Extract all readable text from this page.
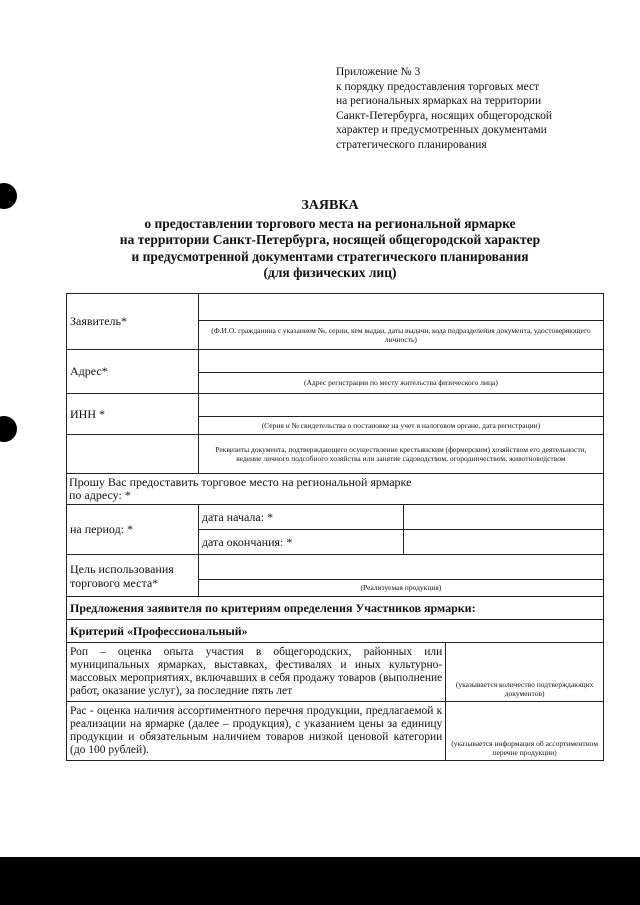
Приложение № 3
к порядку предоставления торговых мест
на региональных ярмарках на территории
Санкт-Петербурга, носящих общегородской
характер и предусмотренных документами
стратегического планирования
ЗАЯВКА
о предоставлении торгового места на региональной ярмарке
на территории Санкт-Петербурга, носящей общегородской характер
и предусмотренной документами стратегического планирования
(для физических лиц)
Заявитель*			
	(Ф.И.О. гражданина с указанием №, серии, кем выдан, даты выдачи, кода подразделения документа, удостоверяющего личность)		
Адрес*			
	(Адрес регистрации по месту жительства физического лица)		
ИНН *			
	(Серия и № свидетельства о постановке на учет в налоговом органе, дата регистрации)		
	Реквизиты документа, подтверждающего осуществление крестьянским (фермерским) хозяйством его деятельности, ведение личного подсобного хозяйства или занятие садоводством, огородничеством, животноводством		

Прошу Вас предоставить торговое место на региональной ярмарке
по адресу: *			

на период: *	дата начала: *		
	дата окончания: *		
Цель использования торгового места*			
	(Реализуемая продукция)		
Предложения заявителя по критериям определения Участников ярмарки:			
Критерий «Профессиональный»			
Роп – оценка опыта участия в общегородских, районных или муниципальных ярмарках, выставках, фестивалях и иных культурно-массовых мероприятиях, включавших в себя продажу товаров (выполнение работ, оказание услуг), за последние пять лет			(указывается количество подтверждающих документов)
Рас - оценка наличия ассортиментного перечня продукции, предлагаемой к реализации на ярмарке (далее – продукция), с указанием цены за единицу продукции и обязательным наличием товаров низкой ценовой категории (до 100 рублей).			(указывается информация об ассортиментном перечне продукции)
